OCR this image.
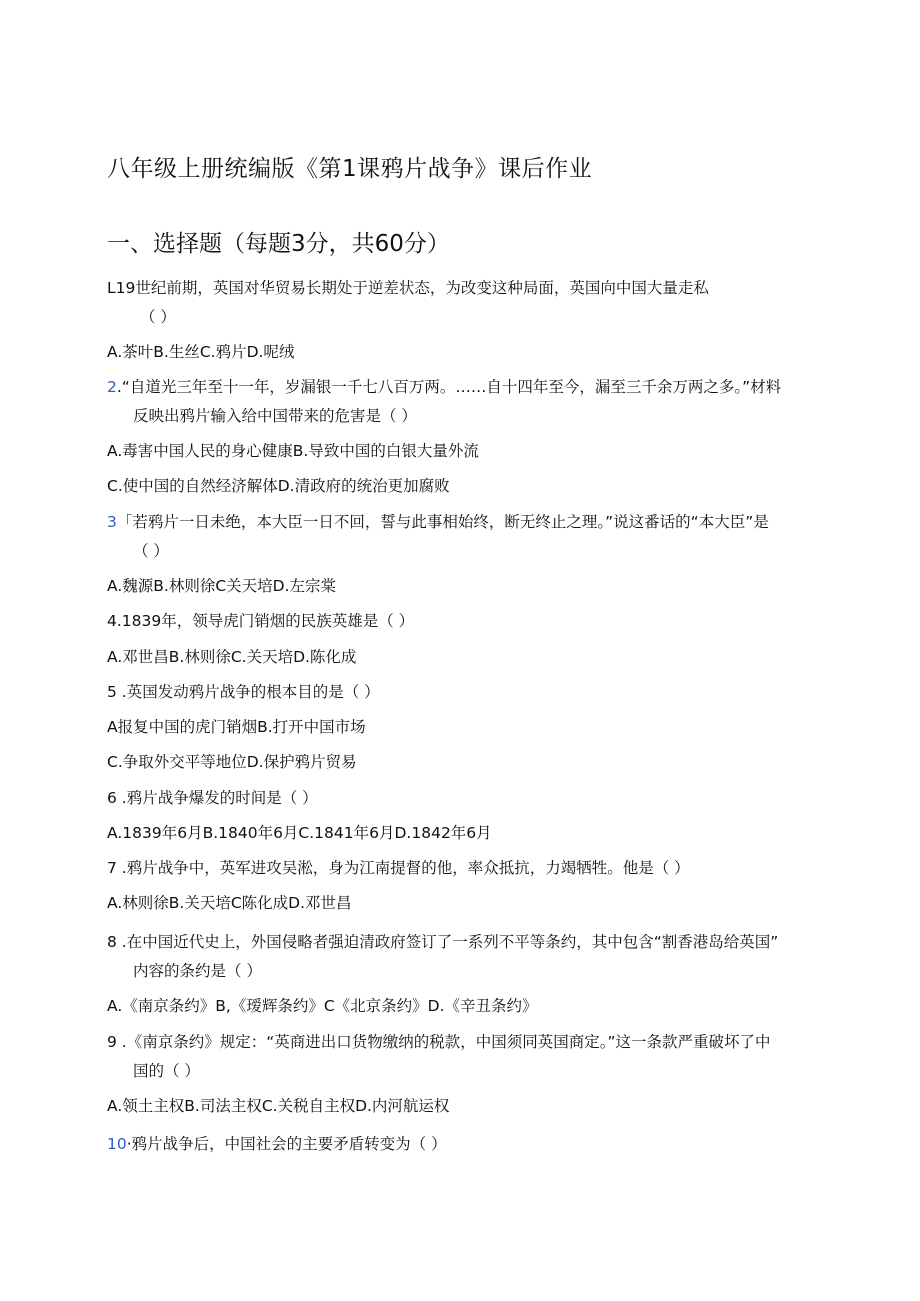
八年级上册统编版《第1课鸦片战争》课后作业
一、选择题（每题3分，共60分）
L19世纪前期，英国对华贸易长期处于逆差状态，为改变这种局面，英国向中国大量走私
（ ）
A.茶叶B.生丝C.鸦片D.呢绒
2.“自道光三年至十一年，岁漏银一千七八百万两。……自十四年至今，漏至三千余万两之多。”材料
反映出鸦片输入给中国带来的危害是（ ）
A.毒害中国人民的身心健康B.导致中国的白银大量外流
C.使中国的自然经济解体D.清政府的统治更加腐败
3「若鸦片一日未绝，本大臣一日不回，誓与此事相始终，断无终止之理。”说这番话的“本大臣”是
（ ）
A.魏源B.林则徐C关天培D.左宗棠
4.1839年，领导虎门销烟的民族英雄是（ ）
A.邓世昌B.林则徐C.关天培D.陈化成
5 .英国发动鸦片战争的根本目的是（ ）
A报复中国的虎门销烟B.打开中国市场
C.争取外交平等地位D.保护鸦片贸易
6 .鸦片战争爆发的时间是（ ）
A.1839年6月B.1840年6月C.1841年6月D.1842年6月
7 .鸦片战争中，英军进攻吴淞，身为江南提督的他，率众抵抗，力竭牺牲。他是（ ）
A.林则徐B.关天培C陈化成D.邓世昌
8 .在中国近代史上，外国侵略者强迫清政府签订了一系列不平等条约，其中包含“割香港岛给英国”
内容的条约是（ ）
A.《南京条约》B,《瑷辉条约》C《北京条约》D.《辛丑条约》
9 .《南京条约》规定：“英商进出口货物缴纳的税款，中国须同英国商定。”这一条款严重破坏了中
国的（ ）
A.领土主权B.司法主权C.关税自主权D.内河航运权
10·鸦片战争后，中国社会的主要矛盾转变为（ ）
